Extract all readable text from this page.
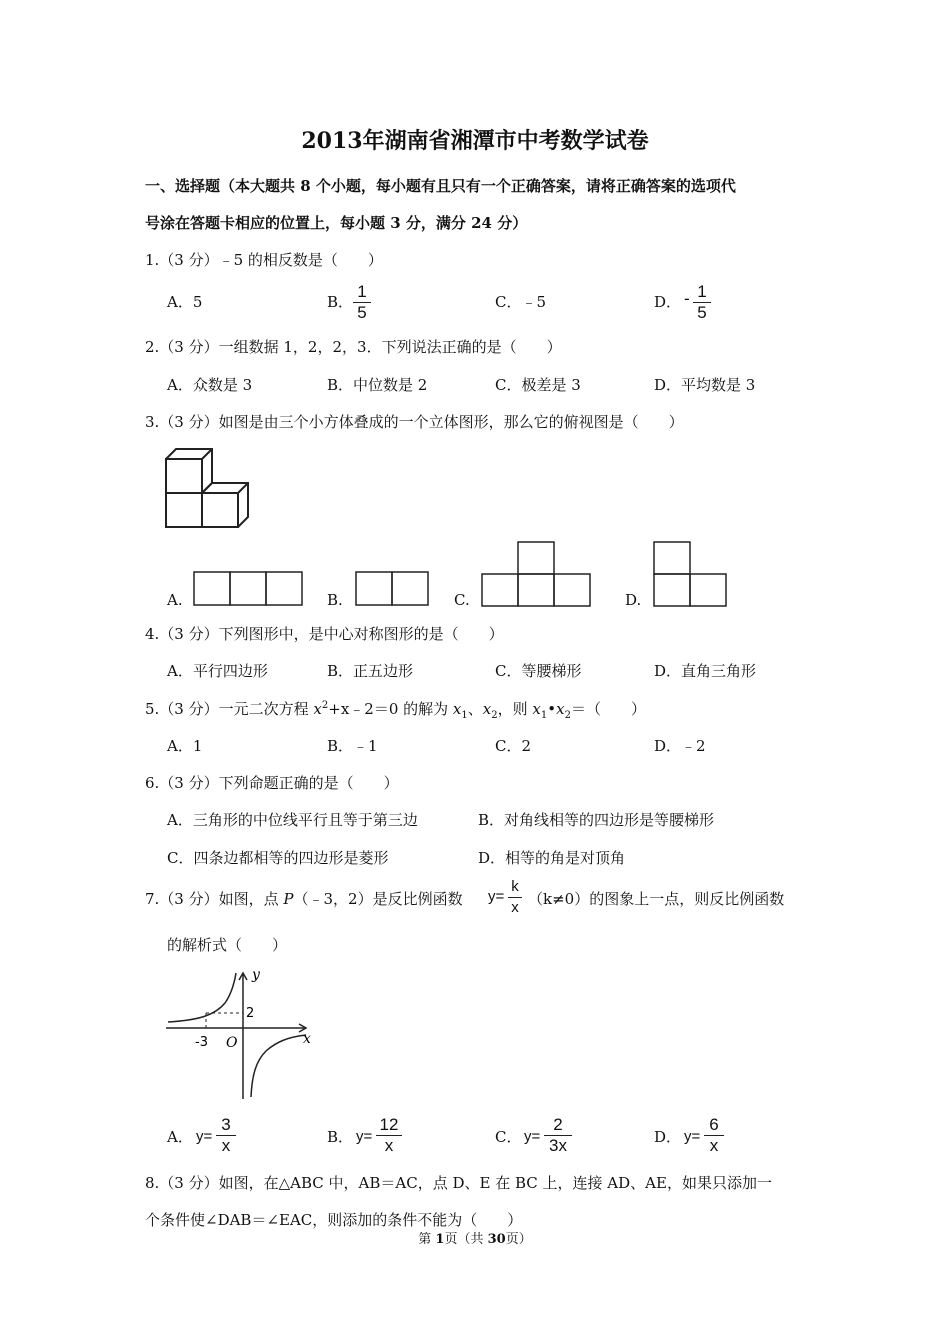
2013年湖南省湘潭市中考数学试卷
一、选择题（本大题共 8 个小题，每小题有且只有一个正确答案，请将正确答案的选项代
号涂在答题卡相应的位置上，每小题 3 分，满分 24 分）
1.（3 分）﹣5 的相反数是（　　）
A．5	B．
1
5
C．﹣5	D． - 1
5
2.（3 分）一组数据 1，2，2，3．下列说法正确的是（　　）
A．众数是 3	B．中位数是 2	C．极差是 3	D．平均数是 3
3.（3 分）如图是由三个小方体叠成的一个立体图形，那么它的俯视图是（　　）
A.	B.	C.	D.
4.（3 分）下列图形中，是中心对称图形的是（　　）
A．平行四边形	B．正五边形	C．等腰梯形	D．直角三角形
5.（3 分）一元二次方程 $x^2+x﹣2=0$ 的解为 $x_1$、$x_2$，则 $x_1•x_2=$（　　）
A．1	B．﹣1	C．2	D．﹣2
6.（3 分）下列命题正确的是（　　）
A．三角形的中位线平行且等于第三边	B．对角线相等的四边形是等腰梯形
C．四条边都相等的四边形是菱形	D．相等的角是对顶角
7.（3 分）如图，点 P（﹣3，2）是反比例函数 y=
k
x （k≠0）的图象上一点，则反比例函数
的解析式（　　）
y
x
O
-3
2
A． y=
3
x	B． y=
12
x	C． y=
2
3x	D． y=
6
x
8.（3 分）如图，在△ABC 中，AB＝AC，点 D、E 在 BC 上，连接 AD、AE，如果只添加一
个条件使∠DAB＝∠EAC，则添加的条件不能为（　　）
第 1页（共 30页）
